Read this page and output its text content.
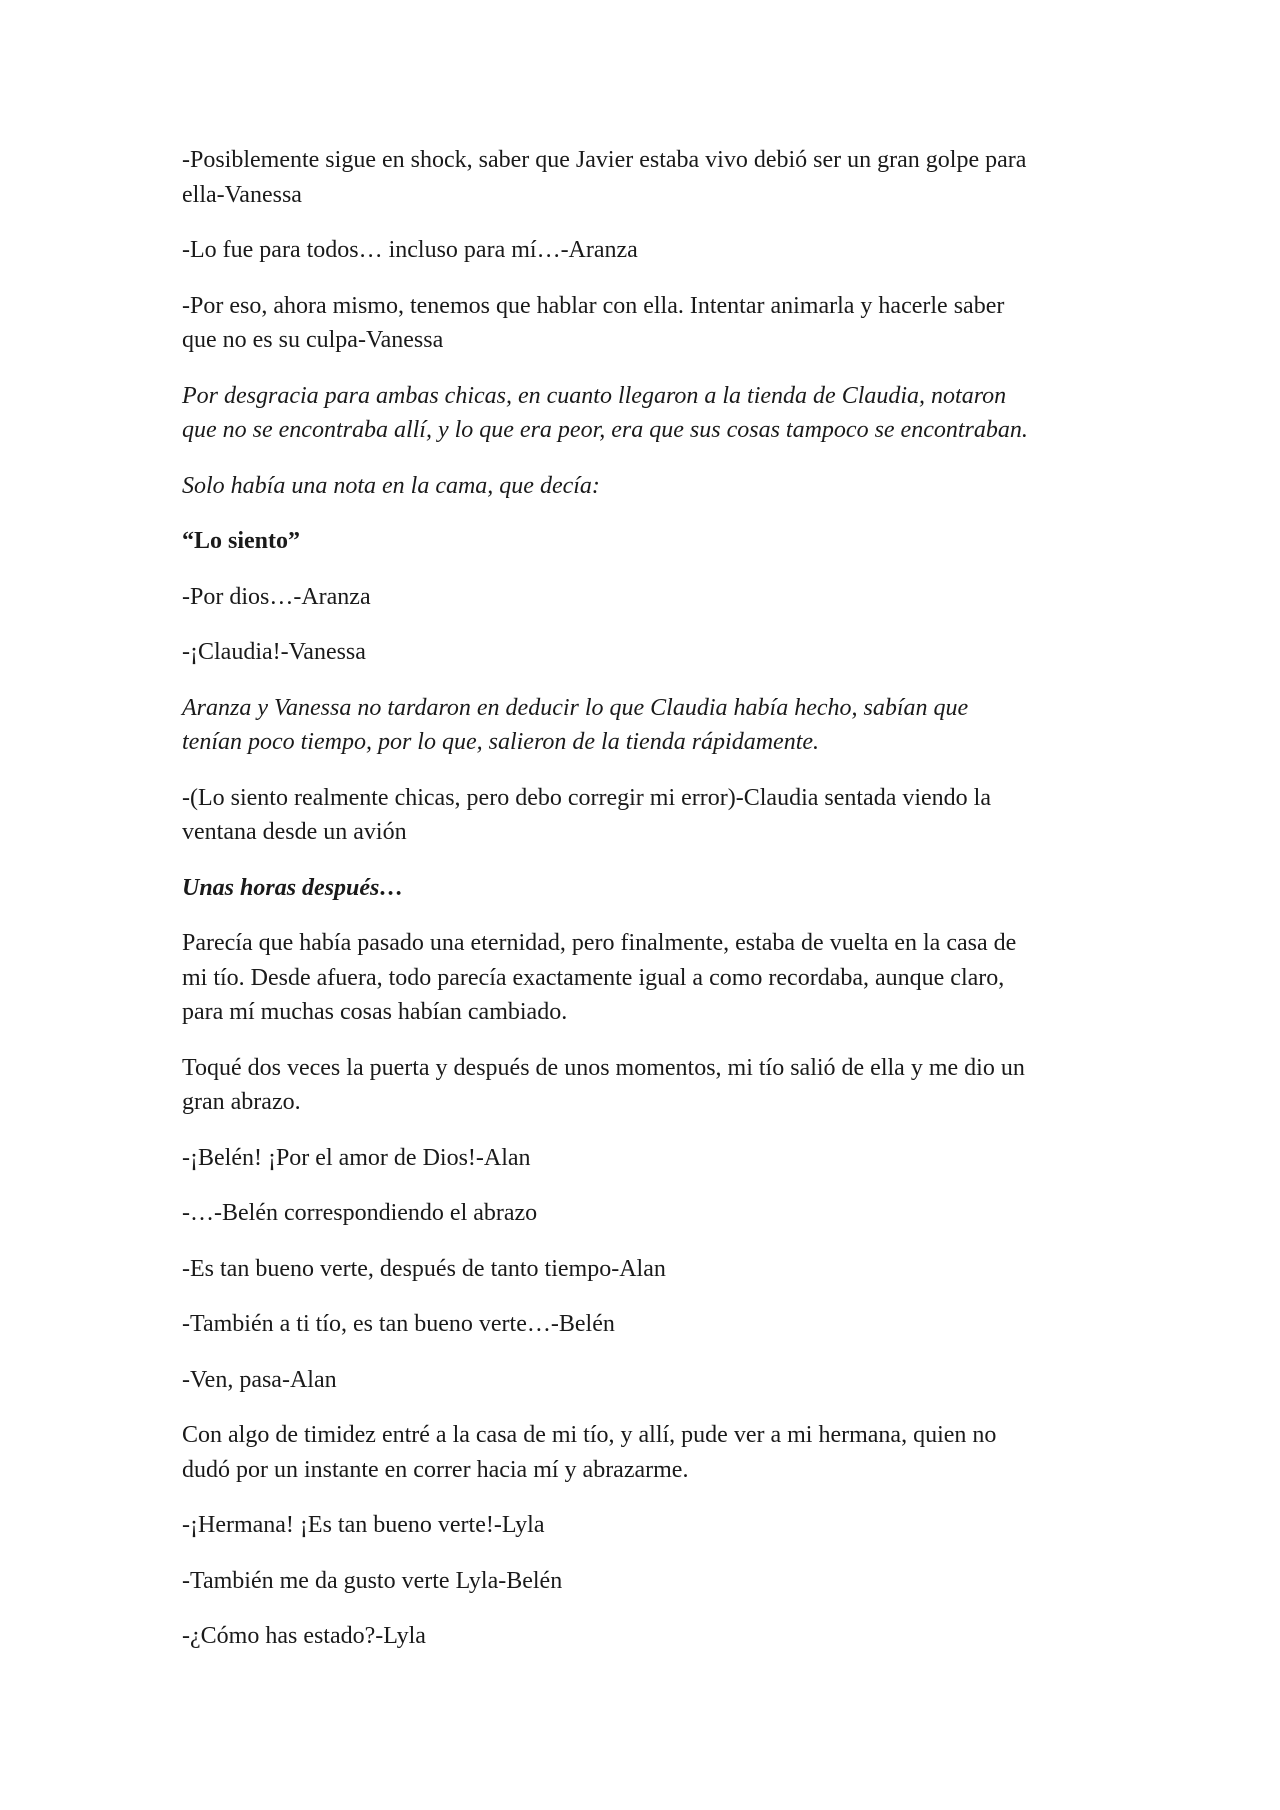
-Posiblemente sigue en shock, saber que Javier estaba vivo debió ser un gran golpe para
ella-Vanessa

-Lo fue para todos… incluso para mí…-Aranza

-Por eso, ahora mismo, tenemos que hablar con ella. Intentar animarla y hacerle saber
que no es su culpa-Vanessa

Por desgracia para ambas chicas, en cuanto llegaron a la tienda de Claudia, notaron
que no se encontraba allí, y lo que era peor, era que sus cosas tampoco se encontraban.

Solo había una nota en la cama, que decía:

“Lo siento”

-Por dios…-Aranza

-¡Claudia!-Vanessa

Aranza y Vanessa no tardaron en deducir lo que Claudia había hecho, sabían que
tenían poco tiempo, por lo que, salieron de la tienda rápidamente.

-(Lo siento realmente chicas, pero debo corregir mi error)-Claudia sentada viendo la
ventana desde un avión

Unas horas después…

Parecía que había pasado una eternidad, pero finalmente, estaba de vuelta en la casa de
mi tío. Desde afuera, todo parecía exactamente igual a como recordaba, aunque claro,
para mí muchas cosas habían cambiado.

Toqué dos veces la puerta y después de unos momentos, mi tío salió de ella y me dio un
gran abrazo.

-¡Belén! ¡Por el amor de Dios!-Alan

-…-Belén correspondiendo el abrazo

-Es tan bueno verte, después de tanto tiempo-Alan

-También a ti tío, es tan bueno verte…-Belén

-Ven, pasa-Alan

Con algo de timidez entré a la casa de mi tío, y allí, pude ver a mi hermana, quien no
dudó por un instante en correr hacia mí y abrazarme.

-¡Hermana! ¡Es tan bueno verte!-Lyla

-También me da gusto verte Lyla-Belén

-¿Cómo has estado?-Lyla
